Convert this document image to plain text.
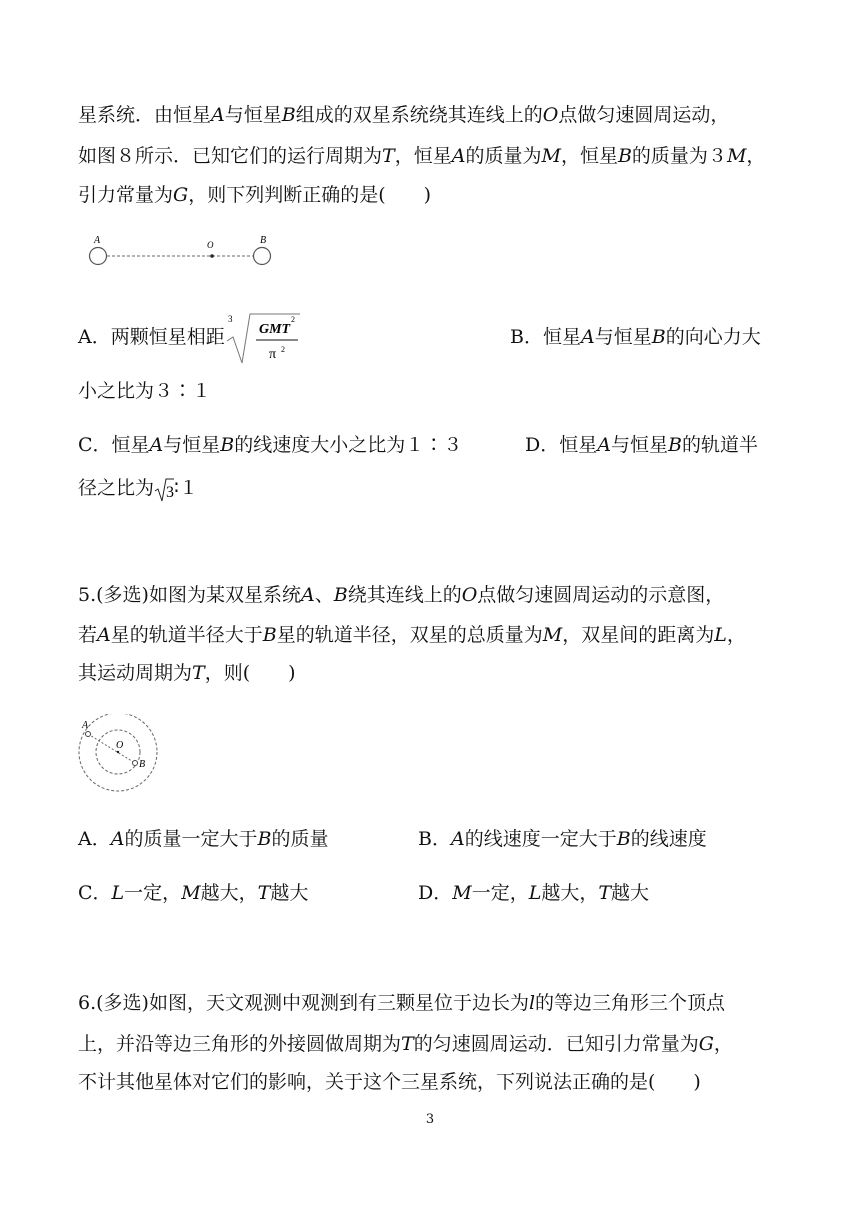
星系统．由恒星A与恒星B组成的双星系统绕其连线上的O点做匀速圆周运动，
如图８所示．已知它们的运行周期为T，恒星A的质量为M，恒星B的质量为３M，
引力常量为G，则下列判断正确的是(　　)
A	O	B
A．两颗恒星相距
3
GMT
2
π 2
B．恒星A与恒星B的向心力大
小之比为３∶１
C．恒星A与恒星B的线速度大小之比为１∶３	D．恒星A与恒星B的轨道半
径之比为 3 ∶１
5.(多选)如图为某双星系统A、B绕其连线上的O点做匀速圆周运动的示意图，
若A星的轨道半径大于B星的轨道半径，双星的总质量为M，双星间的距离为L，
其运动周期为T，则(　　)
A
O
B
A．A的质量一定大于B的质量	B．A的线速度一定大于B的线速度
C．L一定，M越大，T越大	D．M一定，L越大，T越大
6.(多选)如图，天文观测中观测到有三颗星位于边长为l的等边三角形三个顶点
上，并沿等边三角形的外接圆做周期为T的匀速圆周运动．已知引力常量为G，
不计其他星体对它们的影响，关于这个三星系统，下列说法正确的是(　　)
3
